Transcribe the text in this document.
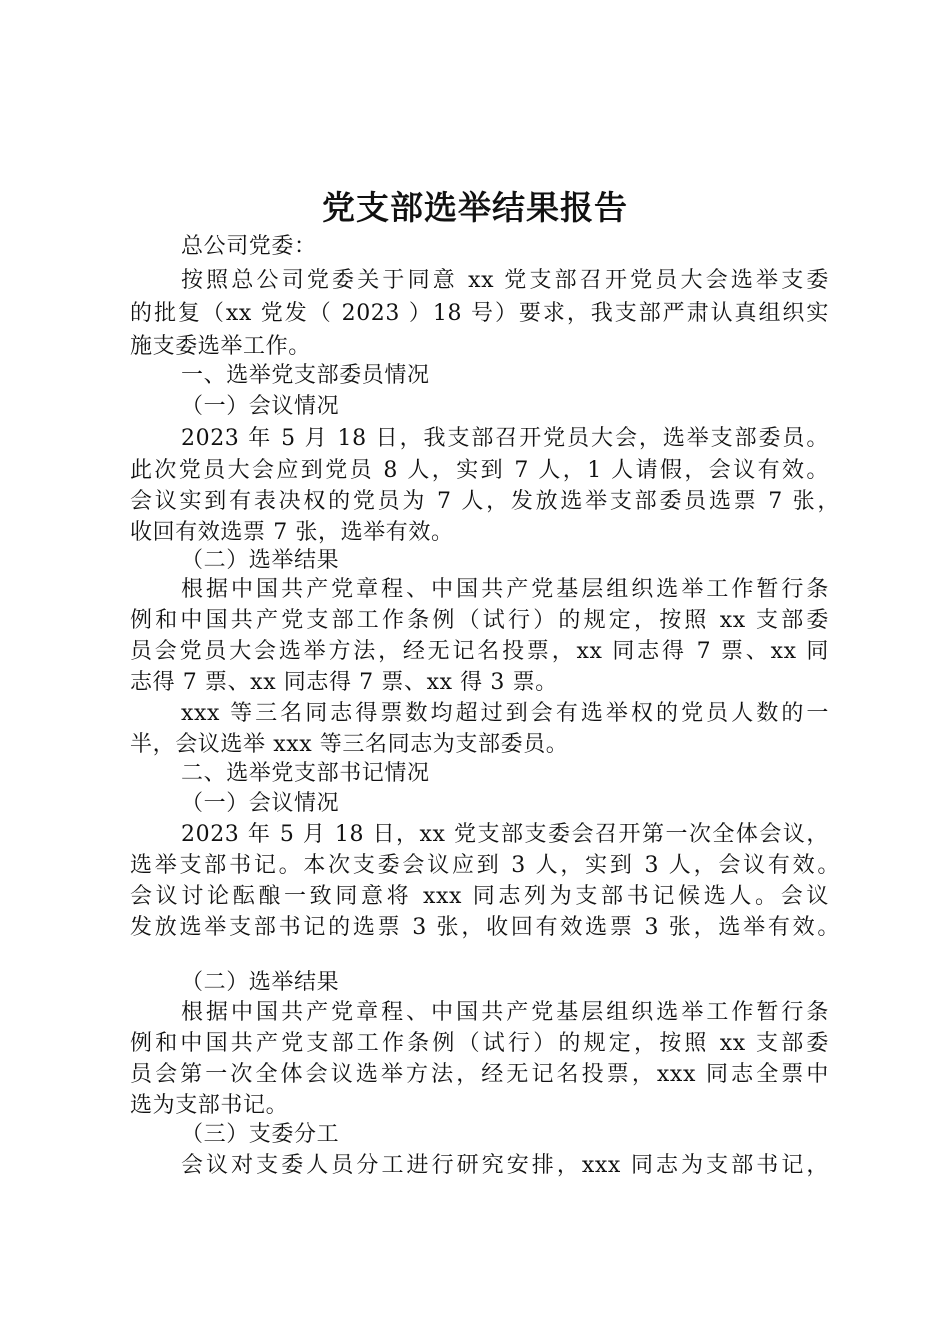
党支部选举结果报告
总公司党委：
按照总公司党委关于同意 xx 党支部召开党员大会选举支委
的批复（xx 党发（ 2023 ）18 号）要求，我支部严肃认真组织实
施支委选举工作。
一、选举党支部委员情况
（一）会议情况
2023 年 5 月 18 日，我支部召开党员大会，选举支部委员。
此次党员大会应到党员 8 人，实到 7 人，1 人请假，会议有效。
会议实到有表决权的党员为 7 人，发放选举支部委员选票 7 张，
收回有效选票 7 张，选举有效。
（二）选举结果
根据中国共产党章程、中国共产党基层组织选举工作暂行条
例和中国共产党支部工作条例（试行）的规定，按照 xx 支部委
员会党员大会选举方法，经无记名投票，xx 同志得 7 票、xx 同
志得 7 票、xx 同志得 7 票、xx 得 3 票。
xxx 等三名同志得票数均超过到会有选举权的党员人数的一
半，会议选举 xxx 等三名同志为支部委员。
二、选举党支部书记情况
（一）会议情况
2023 年 5 月 18 日，xx 党支部支委会召开第一次全体会议，
选举支部书记。本次支委会议应到 3 人，实到 3 人，会议有效。
会议讨论酝酿一致同意将 xxx 同志列为支部书记候选人。会议
发放选举支部书记的选票 3 张，收回有效选票 3 张，选举有效。
（二）选举结果
根据中国共产党章程、中国共产党基层组织选举工作暂行条
例和中国共产党支部工作条例（试行）的规定，按照 xx 支部委
员会第一次全体会议选举方法，经无记名投票，xxx 同志全票中
选为支部书记。
（三）支委分工
会议对支委人员分工进行研究安排，xxx 同志为支部书记，
